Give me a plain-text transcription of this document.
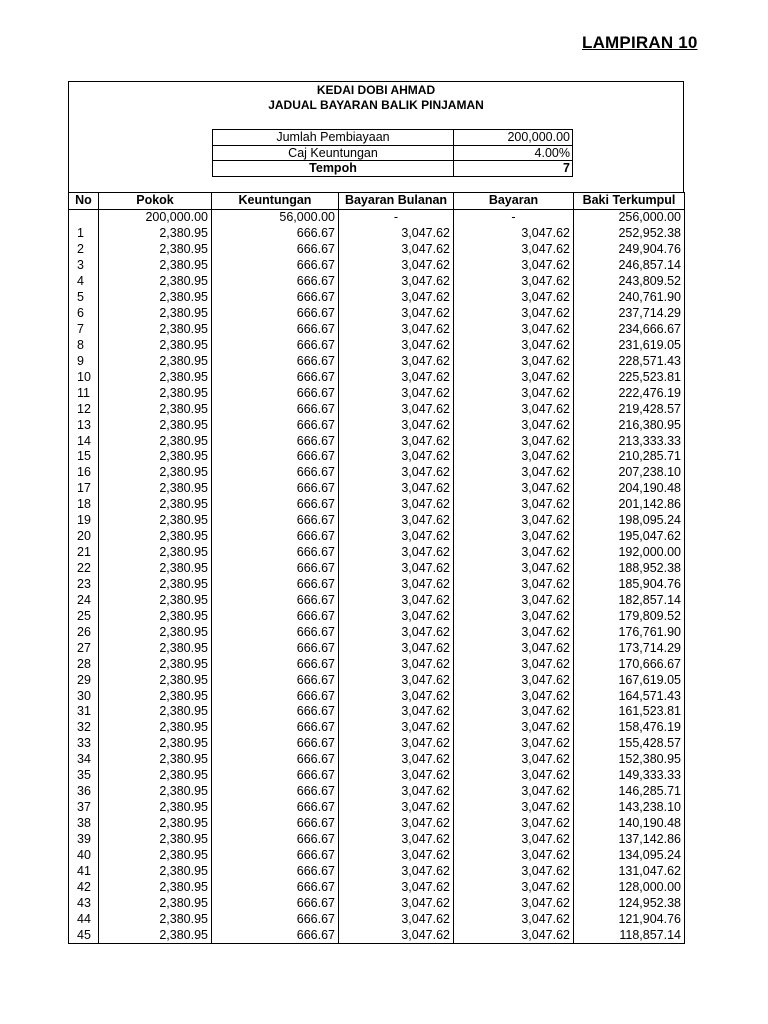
LAMPIRAN 10
KEDAI DOBI AHMAD
JADUAL BAYARAN BALIK PINJAMAN
Jumlah Pembiayaan	200,000.00
Caj Keuntungan	4.00%
Tempoh	7
No	Pokok	Keuntungan	Bayaran Bulanan	Bayaran	Baki Terkumpul
	200,000.00	56,000.00	-	-	256,000.00
1	2,380.95	666.67	3,047.62	3,047.62	252,952.38
2	2,380.95	666.67	3,047.62	3,047.62	249,904.76
3	2,380.95	666.67	3,047.62	3,047.62	246,857.14
4	2,380.95	666.67	3,047.62	3,047.62	243,809.52
5	2,380.95	666.67	3,047.62	3,047.62	240,761.90
6	2,380.95	666.67	3,047.62	3,047.62	237,714.29
7	2,380.95	666.67	3,047.62	3,047.62	234,666.67
8	2,380.95	666.67	3,047.62	3,047.62	231,619.05
9	2,380.95	666.67	3,047.62	3,047.62	228,571.43
10	2,380.95	666.67	3,047.62	3,047.62	225,523.81
11	2,380.95	666.67	3,047.62	3,047.62	222,476.19
12	2,380.95	666.67	3,047.62	3,047.62	219,428.57
13	2,380.95	666.67	3,047.62	3,047.62	216,380.95
14	2,380.95	666.67	3,047.62	3,047.62	213,333.33
15	2,380.95	666.67	3,047.62	3,047.62	210,285.71
16	2,380.95	666.67	3,047.62	3,047.62	207,238.10
17	2,380.95	666.67	3,047.62	3,047.62	204,190.48
18	2,380.95	666.67	3,047.62	3,047.62	201,142.86
19	2,380.95	666.67	3,047.62	3,047.62	198,095.24
20	2,380.95	666.67	3,047.62	3,047.62	195,047.62
21	2,380.95	666.67	3,047.62	3,047.62	192,000.00
22	2,380.95	666.67	3,047.62	3,047.62	188,952.38
23	2,380.95	666.67	3,047.62	3,047.62	185,904.76
24	2,380.95	666.67	3,047.62	3,047.62	182,857.14
25	2,380.95	666.67	3,047.62	3,047.62	179,809.52
26	2,380.95	666.67	3,047.62	3,047.62	176,761.90
27	2,380.95	666.67	3,047.62	3,047.62	173,714.29
28	2,380.95	666.67	3,047.62	3,047.62	170,666.67
29	2,380.95	666.67	3,047.62	3,047.62	167,619.05
30	2,380.95	666.67	3,047.62	3,047.62	164,571.43
31	2,380.95	666.67	3,047.62	3,047.62	161,523.81
32	2,380.95	666.67	3,047.62	3,047.62	158,476.19
33	2,380.95	666.67	3,047.62	3,047.62	155,428.57
34	2,380.95	666.67	3,047.62	3,047.62	152,380.95
35	2,380.95	666.67	3,047.62	3,047.62	149,333.33
36	2,380.95	666.67	3,047.62	3,047.62	146,285.71
37	2,380.95	666.67	3,047.62	3,047.62	143,238.10
38	2,380.95	666.67	3,047.62	3,047.62	140,190.48
39	2,380.95	666.67	3,047.62	3,047.62	137,142.86
40	2,380.95	666.67	3,047.62	3,047.62	134,095.24
41	2,380.95	666.67	3,047.62	3,047.62	131,047.62
42	2,380.95	666.67	3,047.62	3,047.62	128,000.00
43	2,380.95	666.67	3,047.62	3,047.62	124,952.38
44	2,380.95	666.67	3,047.62	3,047.62	121,904.76
45	2,380.95	666.67	3,047.62	3,047.62	118,857.14
